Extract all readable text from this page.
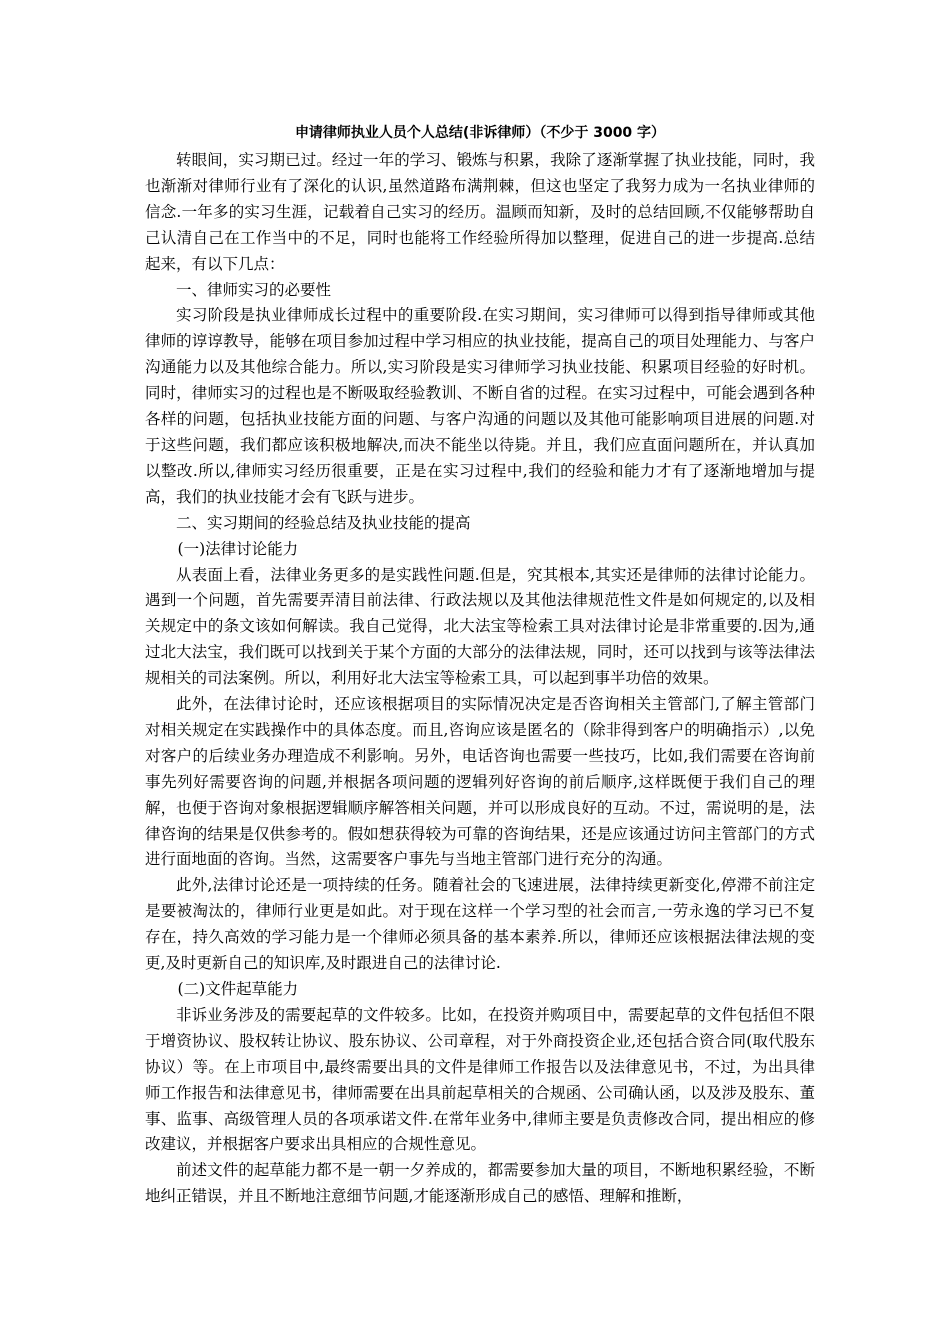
申请律师执业人员个人总结(非诉律师）（不少于 3000 字）

转眼间，实习期已过。经过一年的学习、锻炼与积累，我除了逐渐掌握了执业技能，同时，我也渐渐对律师行业有了深化的认识,虽然道路布满荆棘，但这也坚定了我努力成为一名执业律师的信念.一年多的实习生涯，记载着自己实习的经历。温顾而知新，及时的总结回顾,不仅能够帮助自己认清自己在工作当中的不足，同时也能将工作经验所得加以整理，促进自己的进一步提高.总结起来，有以下几点：

一、律师实习的必要性

实习阶段是执业律师成长过程中的重要阶段.在实习期间，实习律师可以得到指导律师或其他律师的谆谆教导，能够在项目参加过程中学习相应的执业技能，提高自己的项目处理能力、与客户沟通能力以及其他综合能力。所以,实习阶段是实习律师学习执业技能、积累项目经验的好时机。同时，律师实习的过程也是不断吸取经验教训、不断自省的过程。在实习过程中，可能会遇到各种各样的问题，包括执业技能方面的问题、与客户沟通的问题以及其他可能影响项目进展的问题.对于这些问题，我们都应该积极地解决,而决不能坐以待毙。并且，我们应直面问题所在，并认真加以整改.所以,律师实习经历很重要，正是在实习过程中,我们的经验和能力才有了逐渐地增加与提高，我们的执业技能才会有飞跃与进步。

二、实习期间的经验总结及执业技能的提高

(一)法律讨论能力

从表面上看，法律业务更多的是实践性问题.但是，究其根本,其实还是律师的法律讨论能力。遇到一个问题，首先需要弄清目前法律、行政法规以及其他法律规范性文件是如何规定的,以及相关规定中的条文该如何解读。我自己觉得，北大法宝等检索工具对法律讨论是非常重要的.因为,通过北大法宝，我们既可以找到关于某个方面的大部分的法律法规，同时，还可以找到与该等法律法规相关的司法案例。所以，利用好北大法宝等检索工具，可以起到事半功倍的效果。

此外，在法律讨论时，还应该根据项目的实际情况决定是否咨询相关主管部门,了解主管部门对相关规定在实践操作中的具体态度。而且,咨询应该是匿名的（除非得到客户的明确指示）,以免对客户的后续业务办理造成不利影响。另外，电话咨询也需要一些技巧，比如,我们需要在咨询前事先列好需要咨询的问题,并根据各项问题的逻辑列好咨询的前后顺序,这样既便于我们自己的理解，也便于咨询对象根据逻辑顺序解答相关问题，并可以形成良好的互动。不过，需说明的是，法律咨询的结果是仅供参考的。假如想获得较为可靠的咨询结果，还是应该通过访问主管部门的方式进行面地面的咨询。当然，这需要客户事先与当地主管部门进行充分的沟通。

此外,法律讨论还是一项持续的任务。随着社会的飞速进展，法律持续更新变化,停滞不前注定是要被淘汰的，律师行业更是如此。对于现在这样一个学习型的社会而言,一劳永逸的学习已不复存在，持久高效的学习能力是一个律师必须具备的基本素养.所以，律师还应该根据法律法规的变更,及时更新自己的知识库,及时跟进自己的法律讨论.

(二)文件起草能力

非诉业务涉及的需要起草的文件较多。比如，在投资并购项目中，需要起草的文件包括但不限于增资协议、股权转让协议、股东协议、公司章程，对于外商投资企业,还包括合资合同(取代股东协议）等。在上市项目中,最终需要出具的文件是律师工作报告以及法律意见书，不过，为出具律师工作报告和法律意见书，律师需要在出具前起草相关的合规函、公司确认函，以及涉及股东、董事、监事、高级管理人员的各项承诺文件.在常年业务中,律师主要是负责修改合同，提出相应的修改建议，并根据客户要求出具相应的合规性意见。

前述文件的起草能力都不是一朝一夕养成的，都需要参加大量的项目，不断地积累经验，不断地纠正错误，并且不断地注意细节问题,才能逐渐形成自己的感悟、理解和推断，
